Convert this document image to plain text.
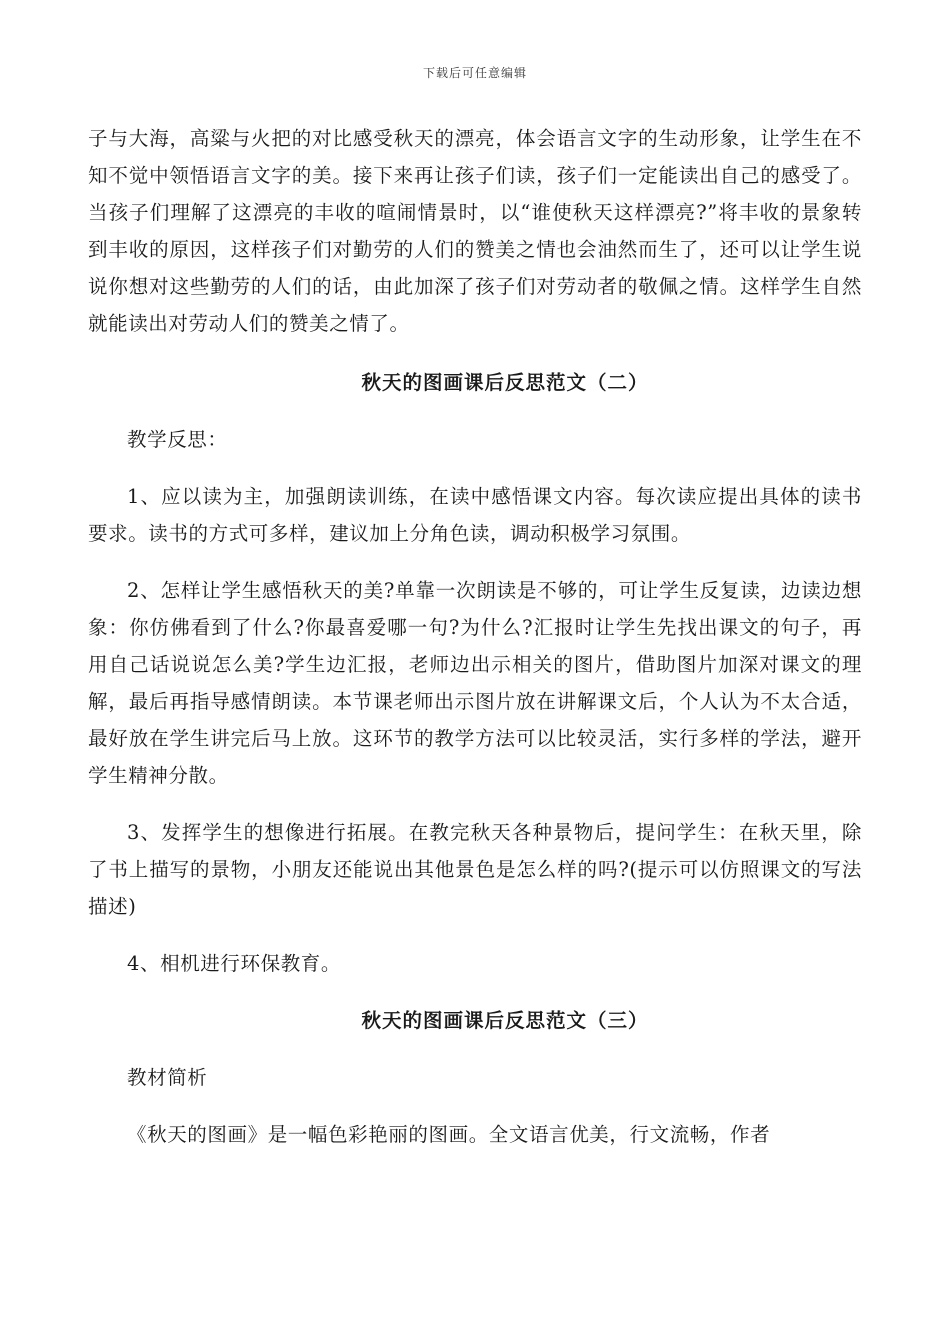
下载后可任意编辑

子与大海，高粱与火把的对比感受秋天的漂亮，体会语言文字的生动形象，让学生在不知不觉中领悟语言文字的美。接下来再让孩子们读，孩子们一定能读出自己的感受了。当孩子们理解了这漂亮的丰收的喧闹情景时，以“谁使秋天这样漂亮?”将丰收的景象转到丰收的原因，这样孩子们对勤劳的人们的赞美之情也会油然而生了，还可以让学生说说你想对这些勤劳的人们的话，由此加深了孩子们对劳动者的敬佩之情。这样学生自然就能读出对劳动人们的赞美之情了。

秋天的图画课后反思范文（二）

教学反思：

1、应以读为主，加强朗读训练，在读中感悟课文内容。每次读应提出具体的读书要求。读书的方式可多样，建议加上分角色读，调动积极学习氛围。

2、怎样让学生感悟秋天的美?单靠一次朗读是不够的，可让学生反复读，边读边想象：你仿佛看到了什么?你最喜爱哪一句?为什么?汇报时让学生先找出课文的句子，再用自己话说说怎么美?学生边汇报，老师边出示相关的图片，借助图片加深对课文的理解，最后再指导感情朗读。本节课老师出示图片放在讲解课文后，个人认为不太合适，最好放在学生讲完后马上放。这环节的教学方法可以比较灵活，实行多样的学法，避开学生精神分散。

3、发挥学生的想像进行拓展。在教完秋天各种景物后，提问学生：在秋天里，除了书上描写的景物，小朋友还能说出其他景色是怎么样的吗?(提示可以仿照课文的写法描述)

4、相机进行环保教育。

秋天的图画课后反思范文（三）

教材简析

《秋天的图画》是一幅色彩艳丽的图画。全文语言优美，行文流畅，作者
